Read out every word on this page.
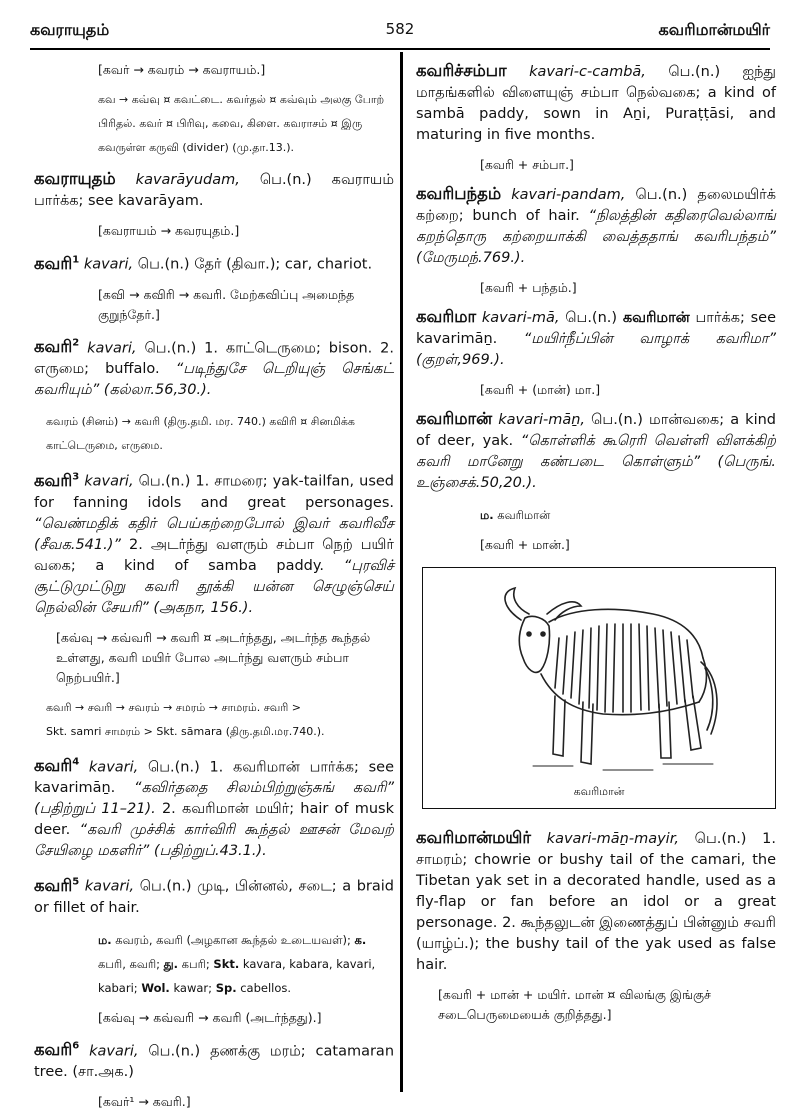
கவராயுதம்	582	கவரிமான்மயிர்

[கவர் → கவரம் → கவராயம்.]

கவ → கவ்வு ¤ கவட்டை. கவர்தல் ¤ கவ்வும் அலகு போற் பிரிதல். கவர் ¤ பிரிவு, கவை, கிளை. கவராசம் ¤ இரு கவருள்ள கருவி (divider) (மு.தா.13.).

கவராயுதம் kavarāyudam, பெ.(n.) கவராயம் பார்க்க; see kavarāyam.

[கவராயம் → கவரயுதம்.]

கவரி$^1$ kavari, பெ.(n.) தேர் (திவா.); car, chariot.

[கவி → கவிரி → கவரி. மேற்கவிப்பு அமைந்த குறுந்தேர்.]

கவரி$^2$ kavari, பெ.(n.) 1. காட்டெருமை; bison. 2. எருமை; buffalo. “படிந்துசே டெறியுஞ் செங்கட் கவரியும்” (கல்லா.56,30.).

கவரம் (சினம்) → கவரி (திரு.தமி. மர. 740.) கவிரி ¤ சினமிக்க காட்டெருமை, எருமை.

கவரி$^3$ kavari, பெ.(n.) 1. சாமரை; yak-tailfan, used for fanning idols and great personages. “வெண்மதிக் கதிர் பெய்கற்றைபோல் இவர் கவரிவீச (சீவக.541.)” 2. அடர்ந்து வளரும் சம்பா நெற் பயிர் வகை; a kind of samba paddy. “புரவிச் சூட்டுமுட்டுறு கவரி தூக்கி யன்ன செழுஞ்செய் நெல்லின் சேயரி” (அகநா, 156.).

[கவ்வு → கவ்வரி → கவரி ¤ அடர்ந்தது, அடர்ந்த கூந்தல் உள்ளது, கவரி மயிர் போல அடர்ந்து வளரும் சம்பா நெற்பயிர்.]

கவரி → சவரி → சவரம் → சமரம் → சாமரம். சவரி >

Skt. samri சாமரம் > Skt. sāmara (திரு.தமி.மர.740.).

கவரி$^4$ kavari, பெ.(n.) 1. கவரிமான் பார்க்க; see kavarimāṉ. “கவிர்ததை சிலம்பிற்றுஞ்சுங் கவரி” (பதிற்றுப் 11–21). 2. கவரிமான் மயிர்; hair of musk deer. “கவரி முச்சிக் கார்விரி கூந்தல் ஊசன் மேவற் சேயிழை மகளிர்” (பதிற்றுப்.43.1.).

கவரி$^5$ kavari, பெ.(n.) முடி, பின்னல், சடை; a braid or fillet of hair.

ம. கவரம், கவரி (அழகான கூந்தல் உடையவள்); க. கபரி, கவரி; து. கபரி; Skt. kavara, kabara, kavari, kabari; Wol. kawar; Sp. cabellos.

[கவ்வு → கவ்வரி → கவரி (அடர்ந்தது).]

கவரி$^6$ kavari, பெ.(n.) தணக்கு மரம்; catamaran tree. (சா.அக.)

[கவர்¹ → கவரி.]

கவரிச்சம்பா kavari-c-cambā, பெ.(n.) ஐந்து மாதங்களில் விளையுஞ் சம்பா நெல்வகை; a kind of sambā paddy, sown in Aṉi, Puraṭṭāsi, and maturing in five months.

[கவரி + சம்பா.]

கவரிபந்தம் kavari-pandam, பெ.(n.) தலைமயிர்க் கற்றை; bunch of hair. “நிலத்தின் கதிரைவெல்லாங் கறந்தொரு கற்றையாக்கி வைத்ததாங் கவரிபந்தம்” (மேருமந்.769.).

[கவரி + பந்தம்.]

கவரிமா kavari-mā, பெ.(n.) கவரிமான் பார்க்க; see kavarimāṉ. “மயிர்நீப்பின் வாழாக் கவரிமா” (குறள்,969.).

[கவரி + (மான்) மா.]

கவரிமான் kavari-māṉ, பெ.(n.) மான்வகை; a kind of deer, yak. “கொள்ளிக் கூரெரி வெள்ளி விளக்கிற் கவரி மானேறு கண்படை கொள்ளும்” (பெருங். உஞ்சைக்.50,20.).

ம. கவரிமான்

[கவரி + மான்.]

கவரிமான்

கவரிமான்மயிர் kavari-māṉ-mayir, பெ.(n.) 1. சாமரம்; chowrie or bushy tail of the camari, the Tibetan yak set in a decorated handle, used as a fly-flap or fan before an idol or a great personage. 2. கூந்தலுடன் இணைத்துப் பின்னும் சவரி (யாழ்ப்.); the bushy tail of the yak used as false hair.

[கவரி + மான் + மயிர். மான் ¤ விலங்கு இங்குச் சடைபெருமையைக் குறித்தது.]
